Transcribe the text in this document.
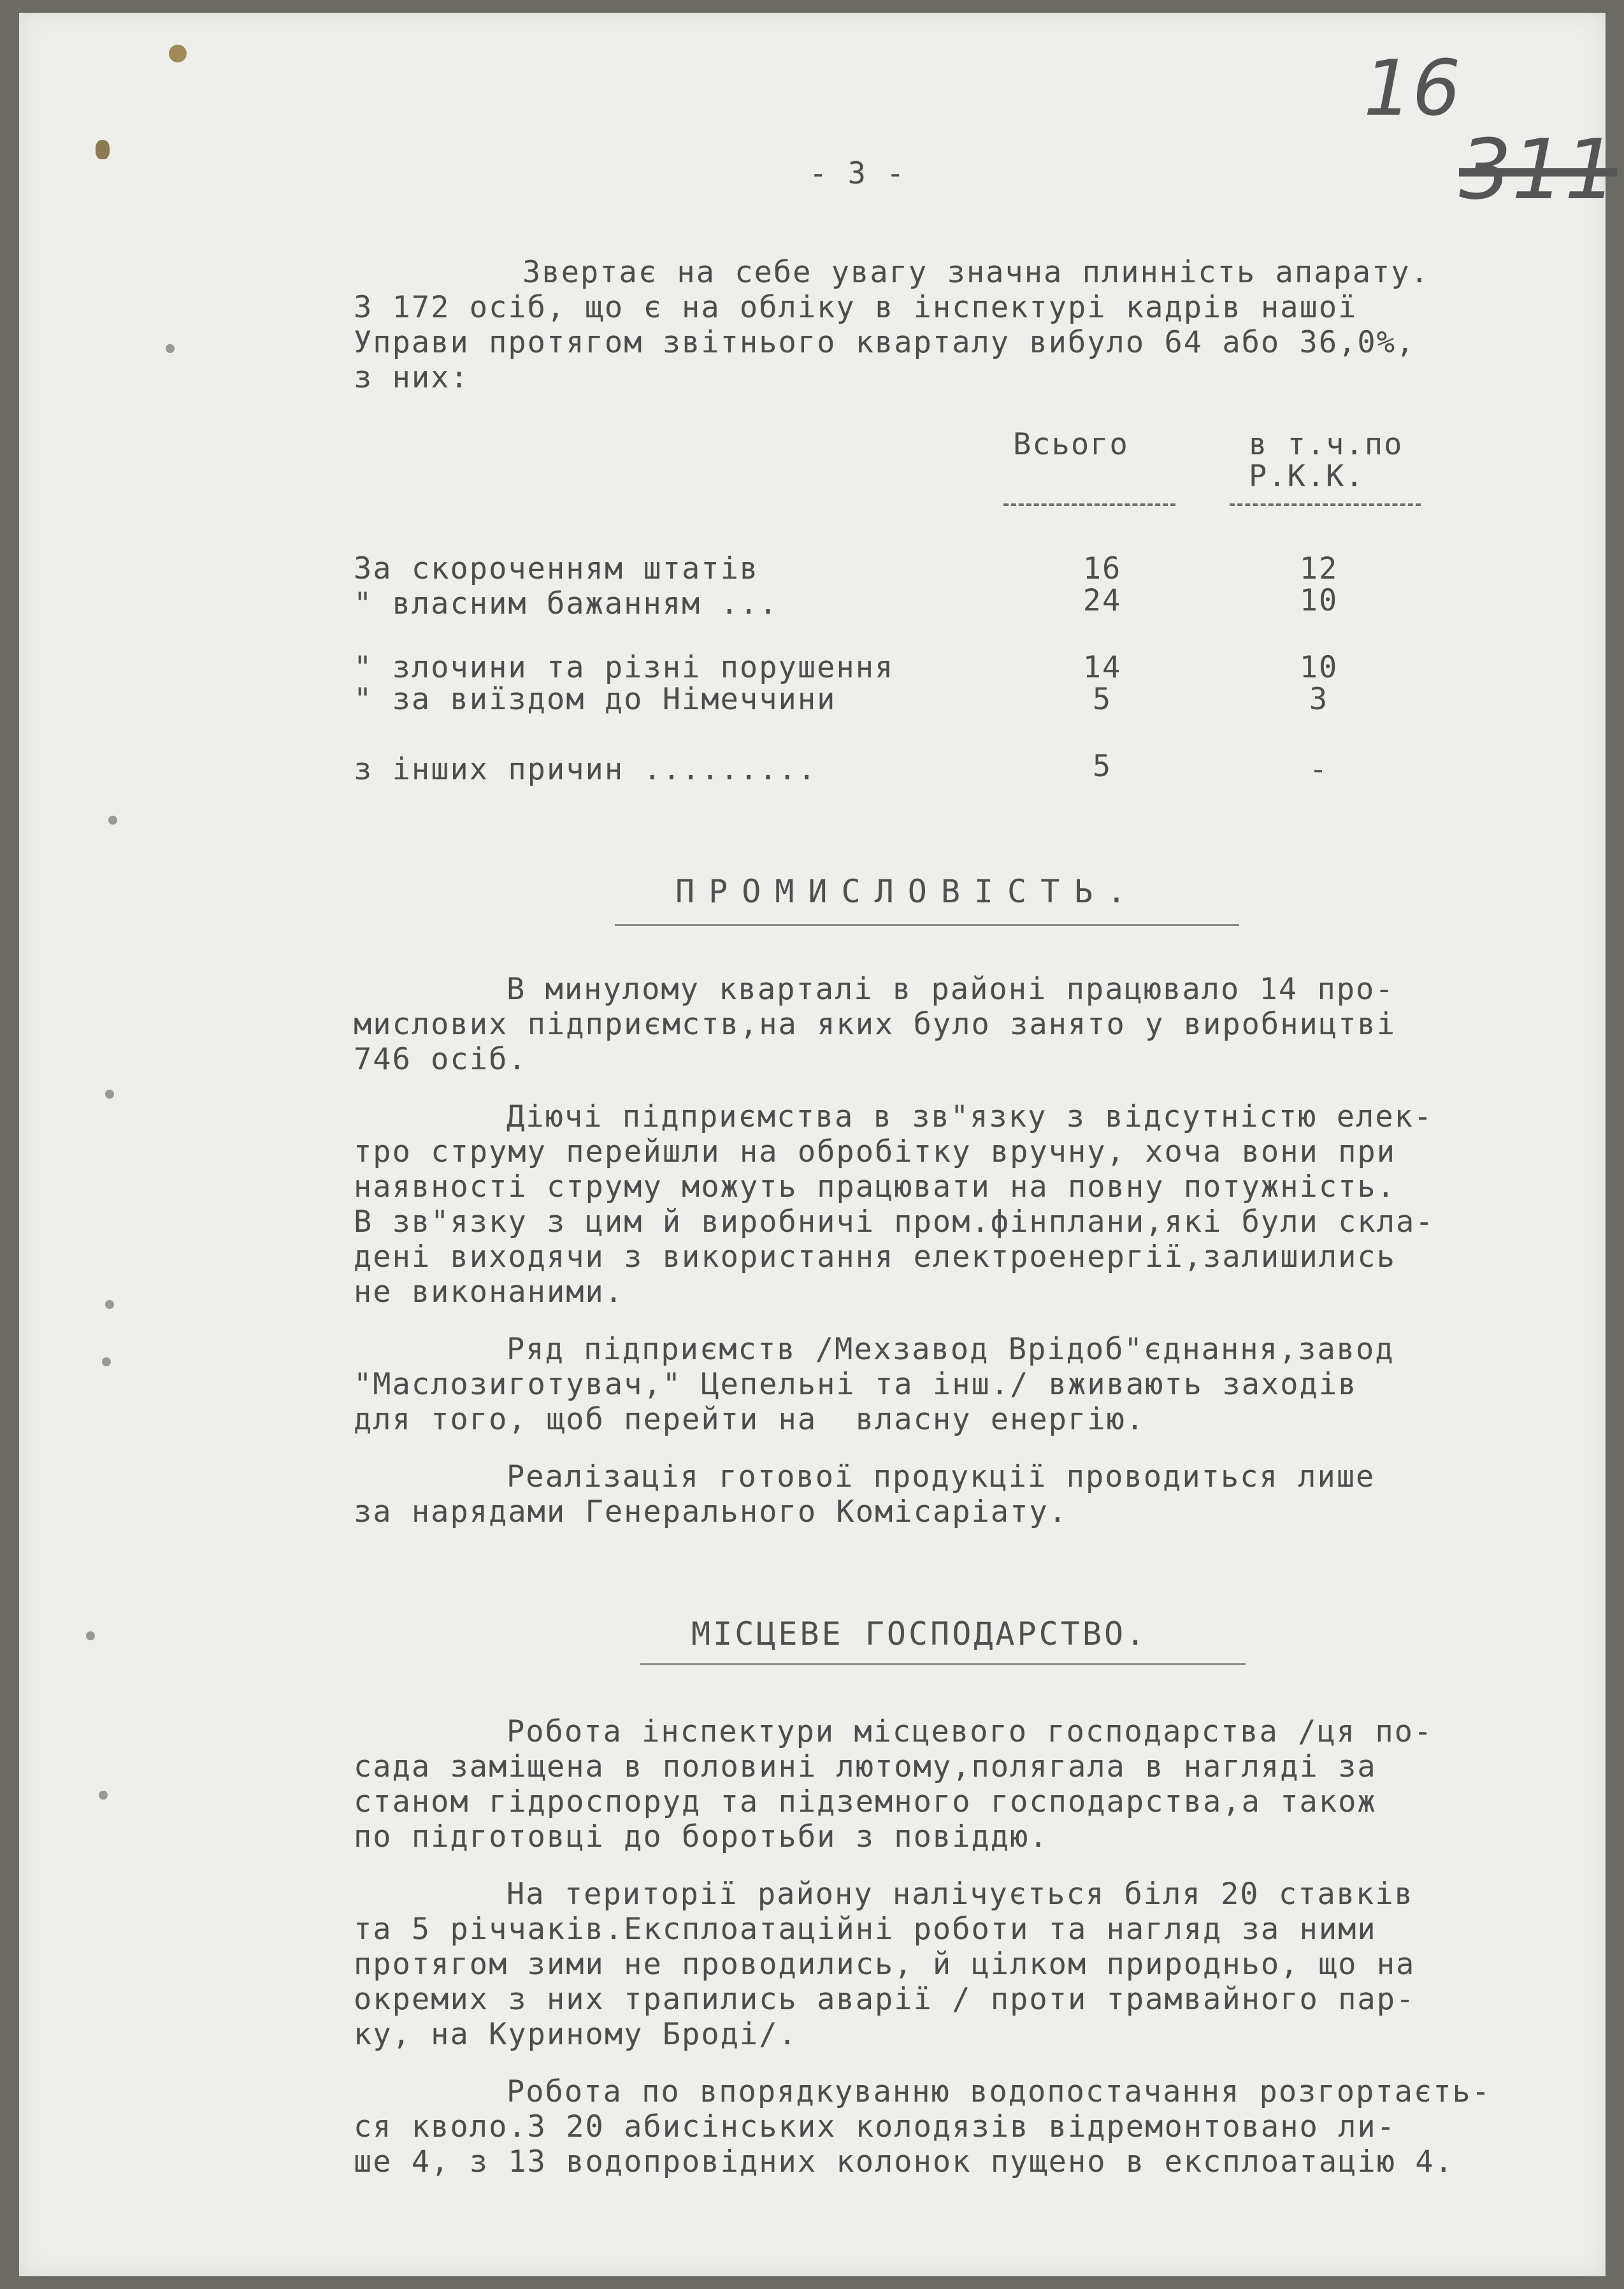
16
311
- 3 -
Звертає на себе увагу значна плинність апарату.
З 172 осіб, що є на обліку в інспектурі кадрів нашої
Управи протягом звітнього кварталу вибуло 64 або 36,0%,
з них:
Всього	в т.ч.по
Р.К.К.
За скороченням штатів	16	12
" власним бажанням ...	24	10
" злочини та різні порушення	14	10
" за виїздом до Німеччини	5	3
з інших причин .........	5	-
ПРОМИСЛОВІСТЬ.
В минулому кварталі в районі працювало 14 про-
мислових підприємств,на яких було занято у виробництві
746 осіб.
Діючі підприємства в зв"язку з відсутністю елек-
тро струму перейшли на обробітку вручну, хоча вони при
наявності струму можуть працювати на повну потужність.
В зв"язку з цим й виробничі пром.фінплани,які були скла-
дені виходячи з використання електроенергії,залишились
не виконаними.
Ряд підприємств /Мехзавод Врідоб"єднання,завод
"Маслозиготувач," Цепельні та інш./ вживають заходів
для того, щоб перейти на  власну енергію.
Реалізація готової продукції проводиться лише
за нарядами Генерального Комісаріату.
МІСЦЕВЕ ГОСПОДАРСТВО.
Робота інспектури місцевого господарства /ця по-
сада заміщена в половині лютому,полягала в нагляді за
станом гідроспоруд та підземного господарства,а також
по підготовці до боротьби з повіддю.
На території району налічується біля 20 ставків
та 5 річчаків.Експлоатаційні роботи та нагляд за ними
протягом зими не проводились, й цілком природньо, що на
окремих з них трапились аварії / проти трамвайного пар-
ку, на Куриному Броді/.
Робота по впорядкуванню водопостачання розгортаєть-
ся кволо.З 20 абисінських колодязів відремонтовано ли-
ше 4, з 13 водопровідних колонок пущено в експлоатацію 4.
